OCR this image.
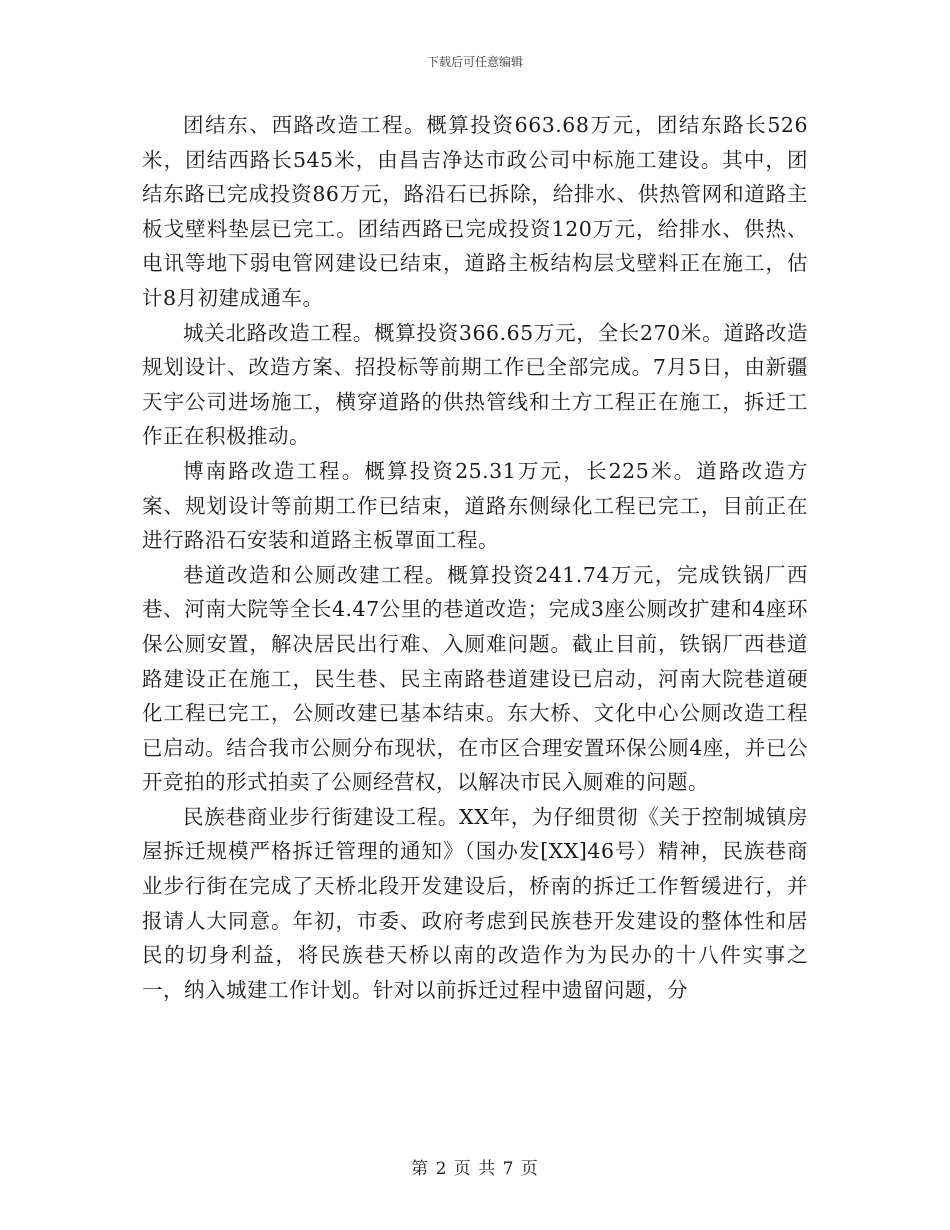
下载后可任意编辑

团结东、西路改造工程。概算投资663.68万元，团结东路长526米，团结西路长545米，由昌吉净达市政公司中标施工建设。其中，团结东路已完成投资86万元，路沿石已拆除，给排水、供热管网和道路主板戈壁料垫层已完工。团结西路已完成投资120万元，给排水、供热、电讯等地下弱电管网建设已结束，道路主板结构层戈壁料正在施工，估计8月初建成通车。

城关北路改造工程。概算投资366.65万元，全长270米。道路改造规划设计、改造方案、招投标等前期工作已全部完成。7月5日，由新疆天宇公司进场施工，横穿道路的供热管线和土方工程正在施工，拆迁工作正在积极推动。

博南路改造工程。概算投资25.31万元，长225米。道路改造方案、规划设计等前期工作已结束，道路东侧绿化工程已完工，目前正在进行路沿石安装和道路主板罩面工程。

巷道改造和公厕改建工程。概算投资241.74万元，完成铁锅厂西巷、河南大院等全长4.47公里的巷道改造；完成3座公厕改扩建和4座环保公厕安置，解决居民出行难、入厕难问题。截止目前，铁锅厂西巷道路建设正在施工，民生巷、民主南路巷道建设已启动，河南大院巷道硬化工程已完工，公厕改建已基本结束。东大桥、文化中心公厕改造工程已启动。结合我市公厕分布现状，在市区合理安置环保公厕4座，并已公开竞拍的形式拍卖了公厕经营权，以解决市民入厕难的问题。

民族巷商业步行街建设工程。XX年，为仔细贯彻《关于控制城镇房屋拆迁规模严格拆迁管理的通知》（国办发[XX]46号）精神，民族巷商业步行街在完成了天桥北段开发建设后，桥南的拆迁工作暂缓进行，并报请人大同意。年初，市委、政府考虑到民族巷开发建设的整体性和居民的切身利益，将民族巷天桥以南的改造作为为民办的十八件实事之一，纳入城建工作计划。针对以前拆迁过程中遗留问题，分

第 2 页 共 7 页
